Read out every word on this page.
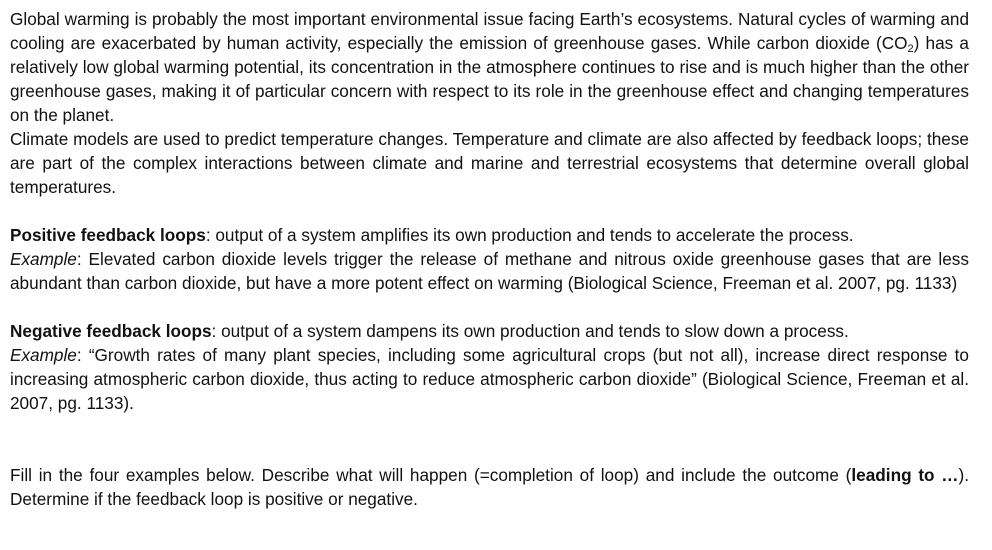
Global warming is probably the most important environmental issue facing Earth’s ecosystems. Natural cycles of warming and cooling are exacerbated by human activity, especially the emission of greenhouse gases. While carbon dioxide $(CO_2)$ has a relatively low global warming potential, its concentration in the atmosphere continues to rise and is much higher than the other greenhouse gases, making it of particular concern with respect to its role in the greenhouse effect and changing temperatures on the planet.

Climate models are used to predict temperature changes. Temperature and climate are also affected by feedback loops; these are part of the complex interactions between climate and marine and terrestrial ecosystems that determine overall global temperatures.

Positive feedback loops: output of a system amplifies its own production and tends to accelerate the process.
Example: Elevated carbon dioxide levels trigger the release of methane and nitrous oxide greenhouse gases that are less abundant than carbon dioxide, but have a more potent effect on warming (Biological Science, Freeman et al. 2007, pg. 1133)

Negative feedback loops: output of a system dampens its own production and tends to slow down a process.
Example: “Growth rates of many plant species, including some agricultural crops (but not all), increase direct response to increasing atmospheric carbon dioxide, thus acting to reduce atmospheric carbon dioxide” (Biological Science, Freeman et al. 2007, pg. 1133).

Fill in the four examples below. Describe what will happen (=completion of loop) and include the outcome (leading to …). Determine if the feedback loop is positive or negative.
